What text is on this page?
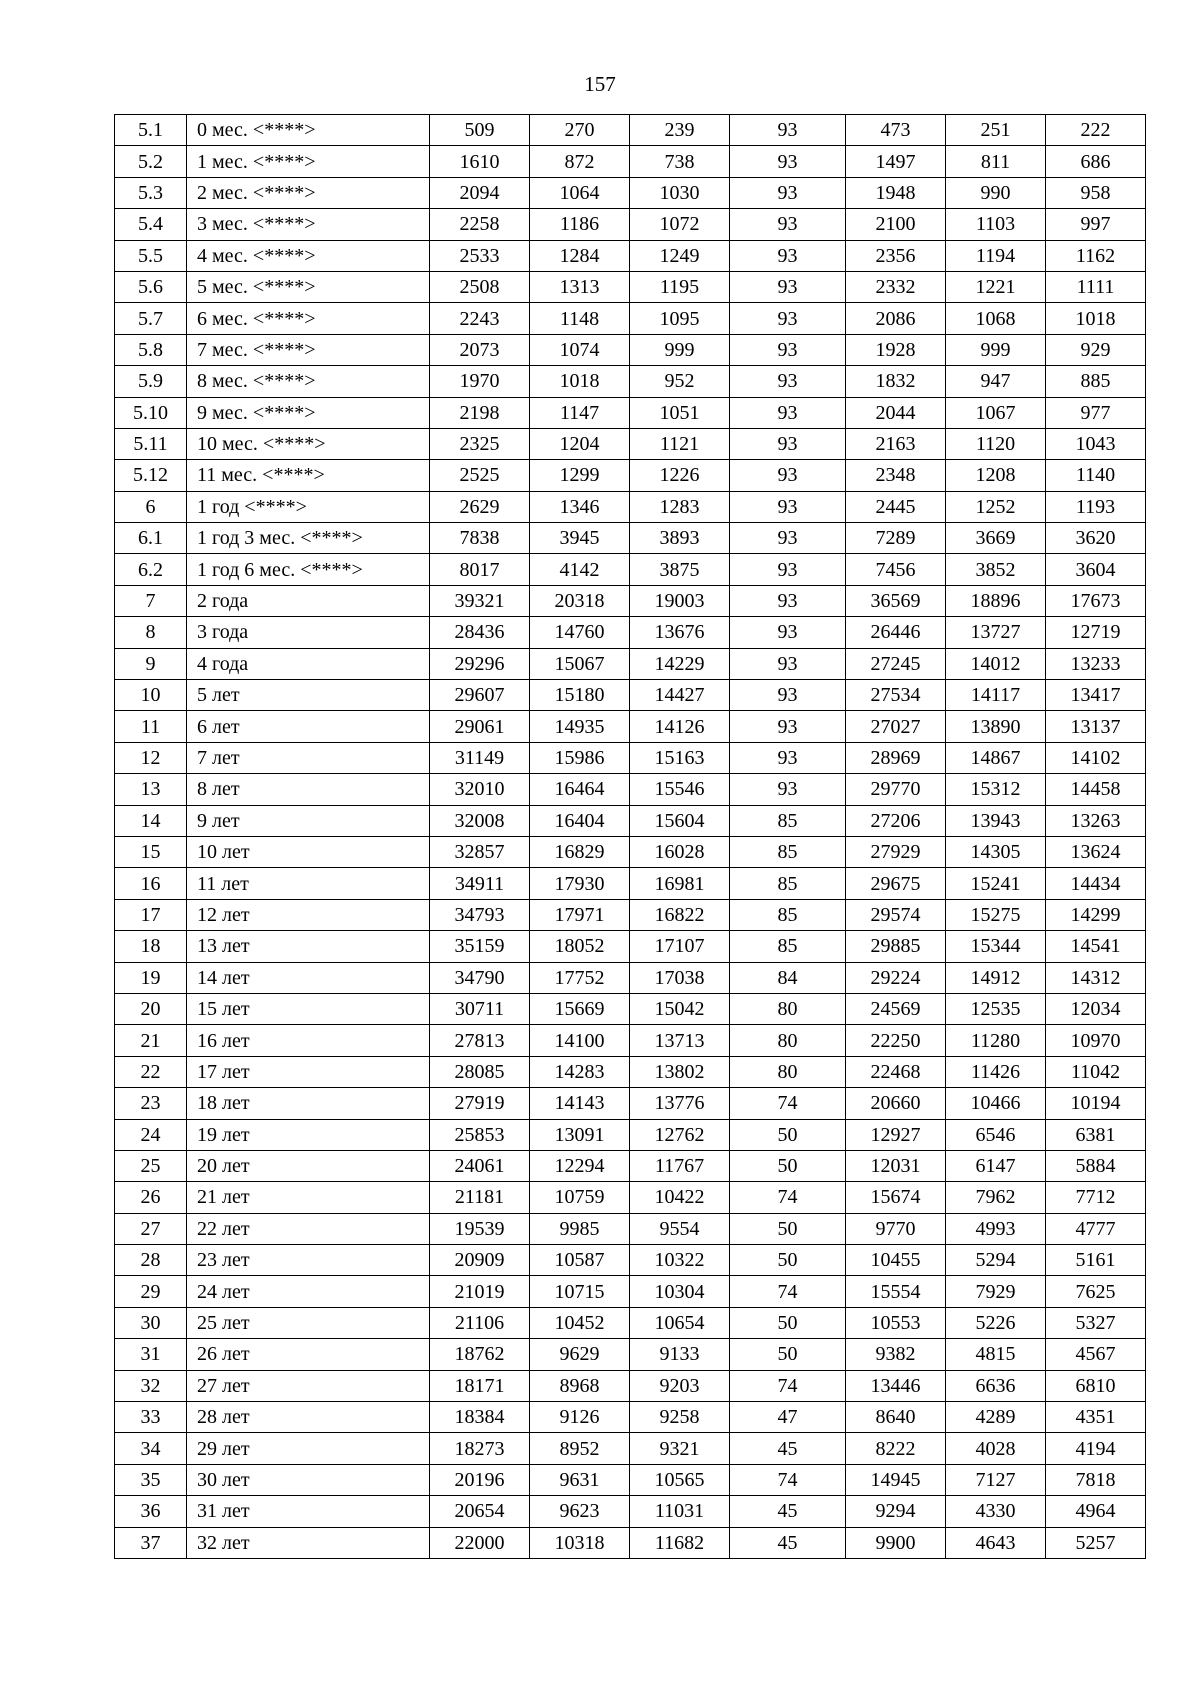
157
5.1	0 мес. <****>	509	270	239	93	473	251	222
5.2	1 мес. <****>	1610	872	738	93	1497	811	686
5.3	2 мес. <****>	2094	1064	1030	93	1948	990	958
5.4	3 мес. <****>	2258	1186	1072	93	2100	1103	997
5.5	4 мес. <****>	2533	1284	1249	93	2356	1194	1162
5.6	5 мес. <****>	2508	1313	1195	93	2332	1221	1111
5.7	6 мес. <****>	2243	1148	1095	93	2086	1068	1018
5.8	7 мес. <****>	2073	1074	999	93	1928	999	929
5.9	8 мес. <****>	1970	1018	952	93	1832	947	885
5.10	9 мес. <****>	2198	1147	1051	93	2044	1067	977
5.11	10 мес. <****>	2325	1204	1121	93	2163	1120	1043
5.12	11 мес. <****>	2525	1299	1226	93	2348	1208	1140
6	1 год <****>	2629	1346	1283	93	2445	1252	1193
6.1	1 год 3 мес. <****>	7838	3945	3893	93	7289	3669	3620
6.2	1 год 6 мес. <****>	8017	4142	3875	93	7456	3852	3604
7	2 года	39321	20318	19003	93	36569	18896	17673
8	3 года	28436	14760	13676	93	26446	13727	12719
9	4 года	29296	15067	14229	93	27245	14012	13233
10	5 лет	29607	15180	14427	93	27534	14117	13417
11	6 лет	29061	14935	14126	93	27027	13890	13137
12	7 лет	31149	15986	15163	93	28969	14867	14102
13	8 лет	32010	16464	15546	93	29770	15312	14458
14	9 лет	32008	16404	15604	85	27206	13943	13263
15	10 лет	32857	16829	16028	85	27929	14305	13624
16	11 лет	34911	17930	16981	85	29675	15241	14434
17	12 лет	34793	17971	16822	85	29574	15275	14299
18	13 лет	35159	18052	17107	85	29885	15344	14541
19	14 лет	34790	17752	17038	84	29224	14912	14312
20	15 лет	30711	15669	15042	80	24569	12535	12034
21	16 лет	27813	14100	13713	80	22250	11280	10970
22	17 лет	28085	14283	13802	80	22468	11426	11042
23	18 лет	27919	14143	13776	74	20660	10466	10194
24	19 лет	25853	13091	12762	50	12927	6546	6381
25	20 лет	24061	12294	11767	50	12031	6147	5884
26	21 лет	21181	10759	10422	74	15674	7962	7712
27	22 лет	19539	9985	9554	50	9770	4993	4777
28	23 лет	20909	10587	10322	50	10455	5294	5161
29	24 лет	21019	10715	10304	74	15554	7929	7625
30	25 лет	21106	10452	10654	50	10553	5226	5327
31	26 лет	18762	9629	9133	50	9382	4815	4567
32	27 лет	18171	8968	9203	74	13446	6636	6810
33	28 лет	18384	9126	9258	47	8640	4289	4351
34	29 лет	18273	8952	9321	45	8222	4028	4194
35	30 лет	20196	9631	10565	74	14945	7127	7818
36	31 лет	20654	9623	11031	45	9294	4330	4964
37	32 лет	22000	10318	11682	45	9900	4643	5257
